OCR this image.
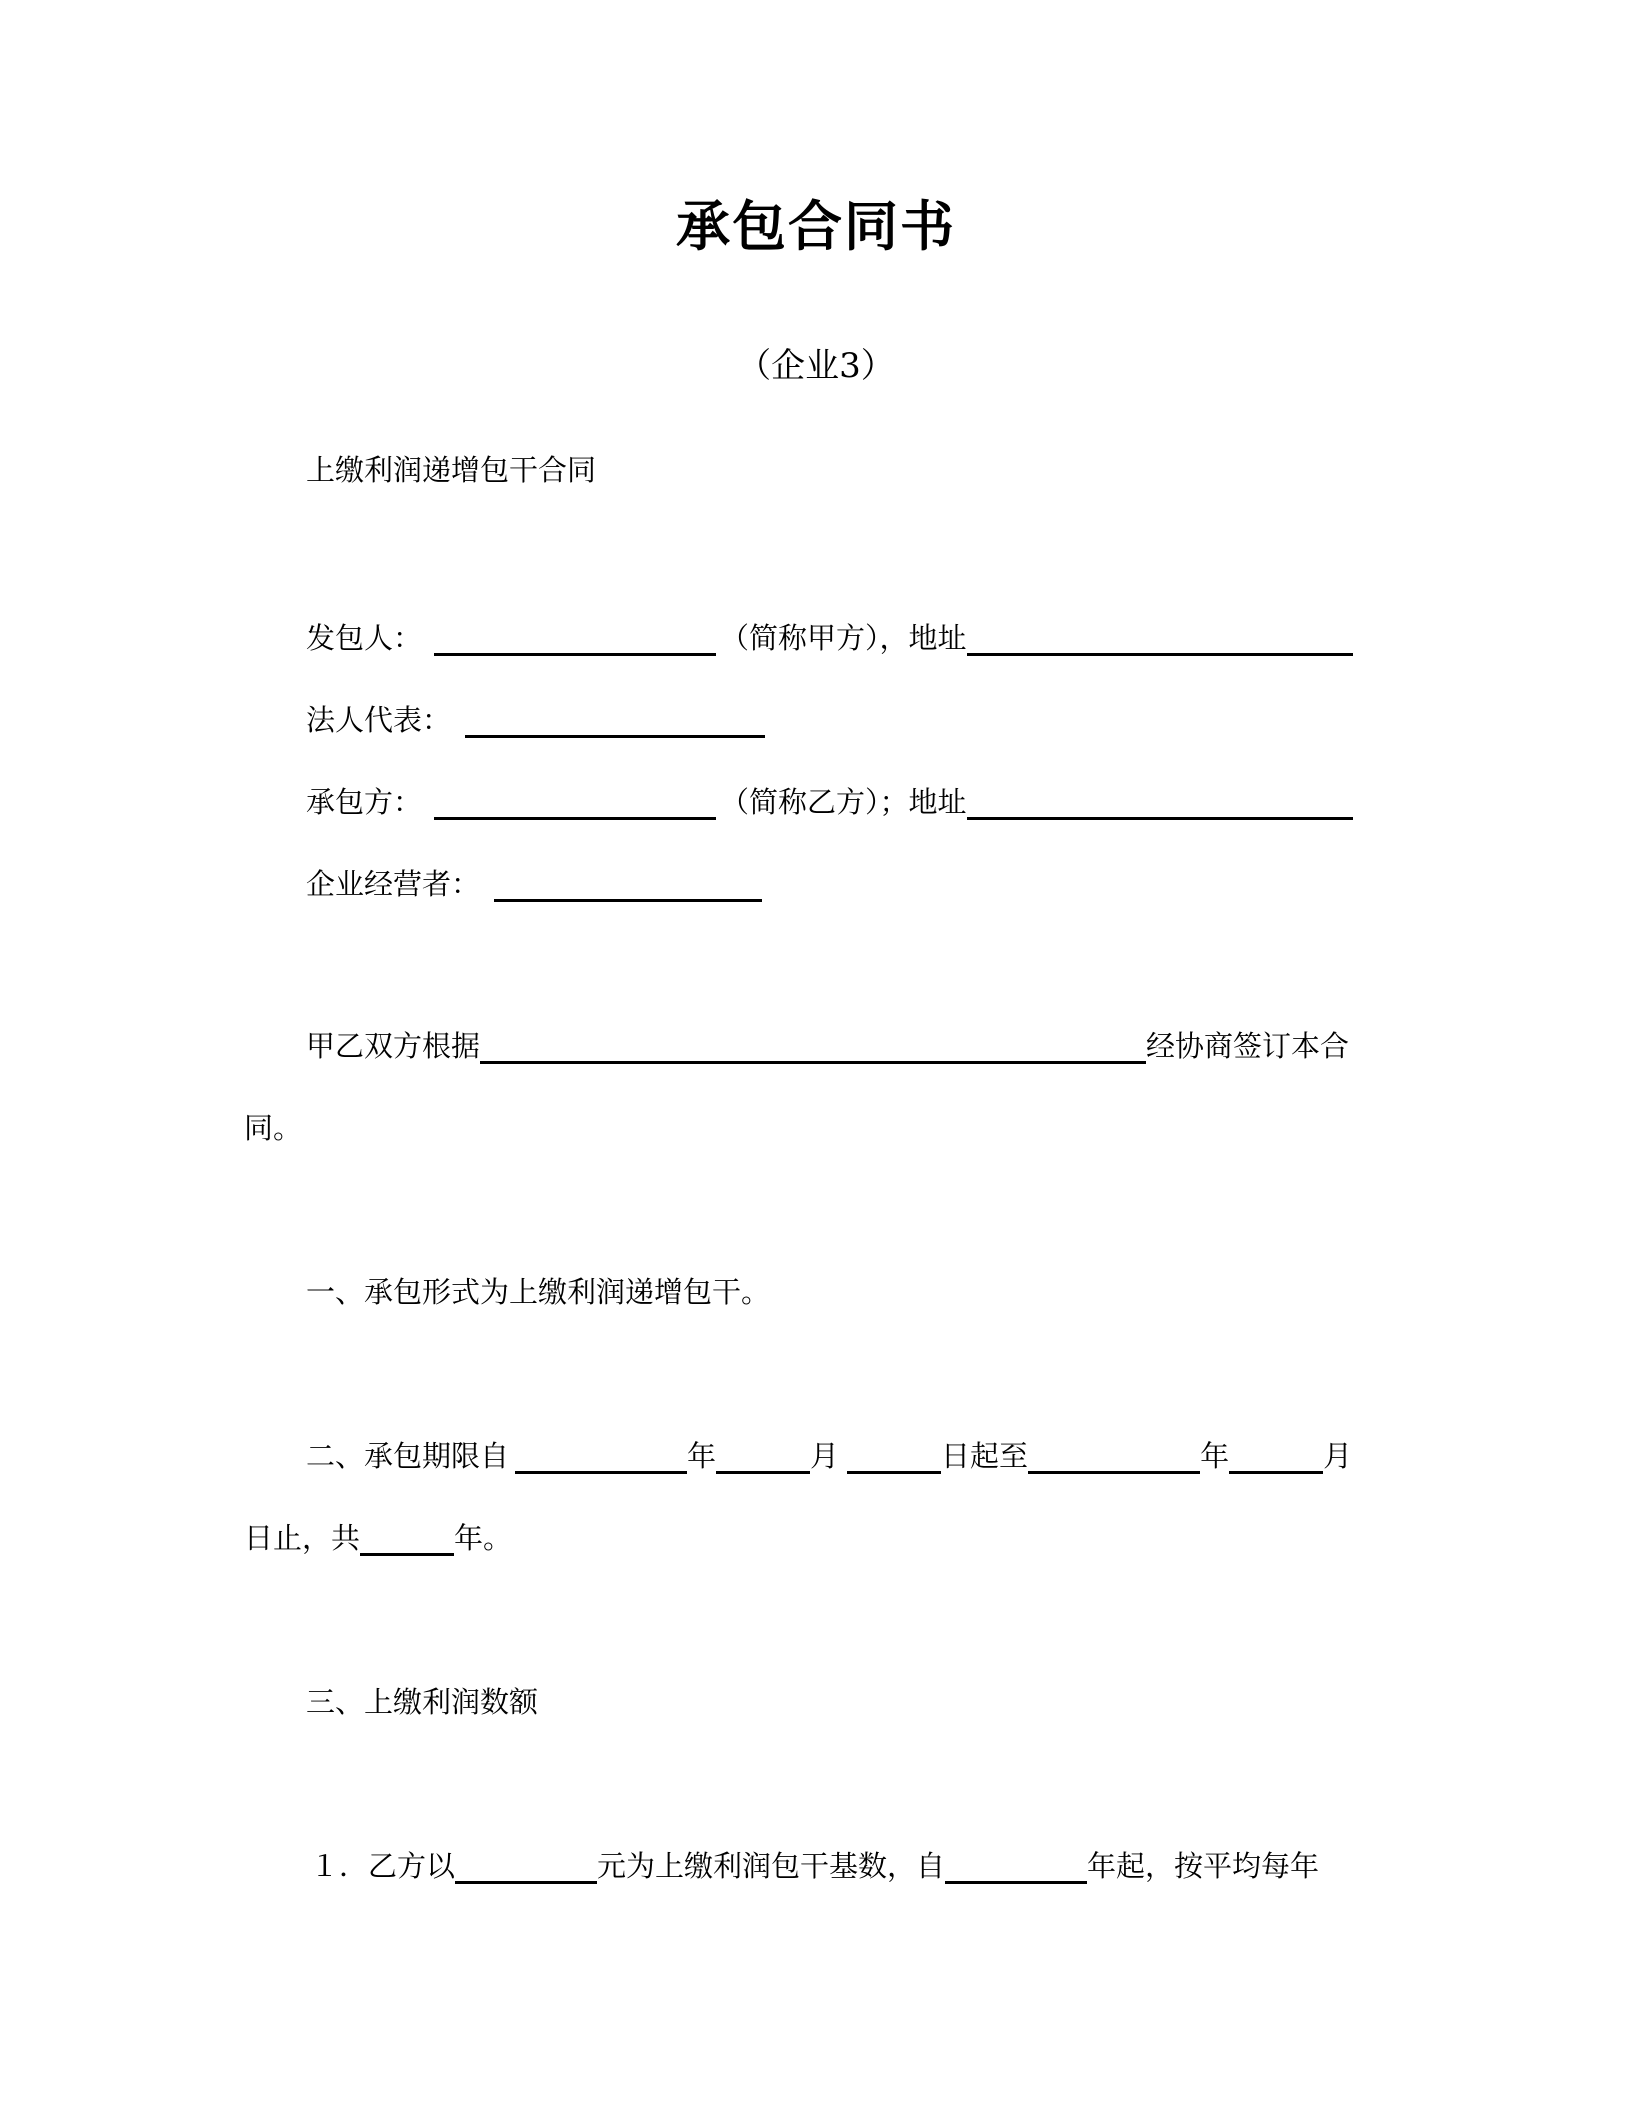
承包合同书
（企业3）
上缴利润递增包干合同
发包人：	（简称甲方），地址
法人代表：
承包方：	（简称乙方）；地址
企业经营者：
甲乙双方根据	经协商签订本合
同。
一、承包形式为上缴利润递增包干。
二、承包期限自	年	月	日起至	年	月
日止，共	年。
三、上缴利润数额
１．乙方以	元为上缴利润包干基数，自	年起，按平均每年
